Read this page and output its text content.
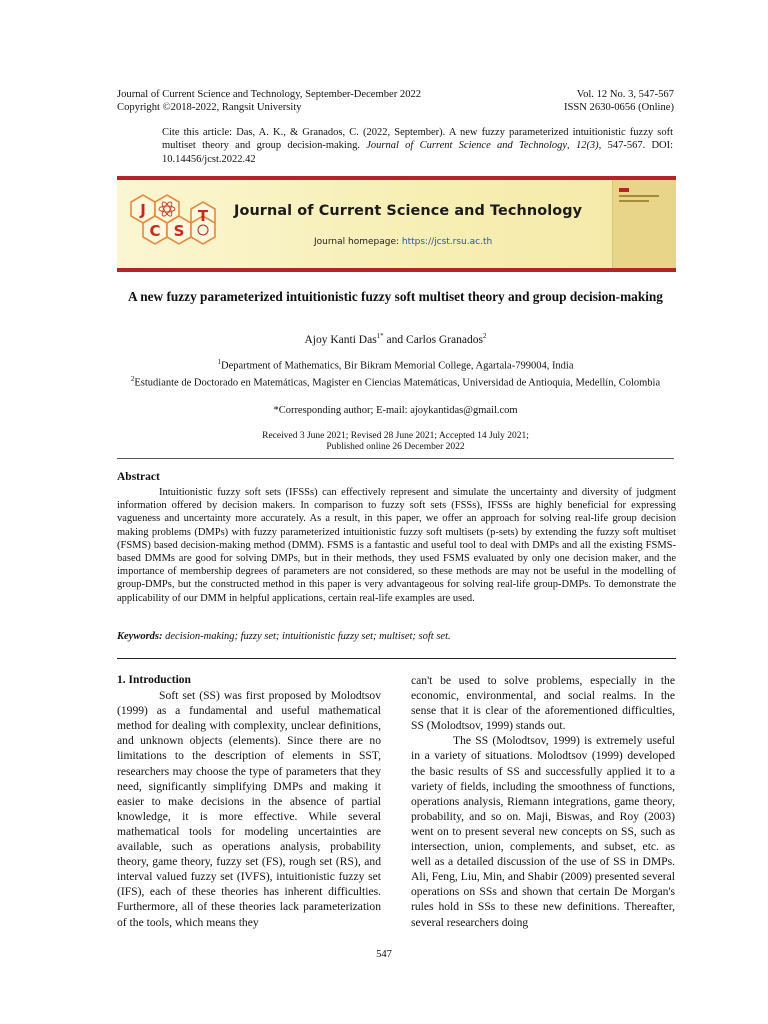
Journal of Current Science and Technology, September-December 2022	Vol. 12 No. 3, 547-567
Copyright ©2018-2022, Rangsit University	ISSN 2630-0656 (Online)
Cite this article: Das, A. K., & Granados, C. (2022, September). A new fuzzy parameterized intuitionistic fuzzy soft multiset theory and group decision-making. Journal of Current Science and Technology, 12(3), 547-567. DOI: 10.14456/jcst.2022.42
J
C S
T Journal of Current Science and Technology
Journal homepage: https://jcst.rsu.ac.th
A new fuzzy parameterized intuitionistic fuzzy soft multiset theory and group decision-making
Ajoy Kanti Das$^{1*}$ and Carlos Granados$^2$
$^1$Department of Mathematics, Bir Bikram Memorial College, Agartala-799004, India
$^2$Estudiante de Doctorado en Matemáticas, Magister en Ciencias Matemáticas, Universidad de Antioquia, Medellín, Colombia
*Corresponding author; E-mail: ajoykantidas@gmail.com
Received 3 June 2021; Revised 28 June 2021; Accepted 14 July 2021;
Published online 26 December 2022
Abstract

Intuitionistic fuzzy soft sets (IFSSs) can effectively represent and simulate the uncertainty and diversity of judgment information offered by decision makers. In comparison to fuzzy soft sets (FSSs), IFSSs are highly beneficial for expressing vagueness and uncertainty more accurately. As a result, in this paper, we offer an approach for solving real-life group decision making problems (DMPs) with fuzzy parameterized intuitionistic fuzzy soft multisets (p-sets) by extending the fuzzy soft multiset (FSMS) based decision-making method (DMM). FSMS is a fantastic and useful tool to deal with DMPs and all the existing FSMS-based DMMs are good for solving DMPs, but in their methods, they used FSMS evaluated by only one decision maker, and the importance of membership degrees of parameters are not considered, so these methods are may not be useful in the modelling of group-DMPs, but the constructed method in this paper is very advantageous for solving real-life group-DMPs. To demonstrate the applicability of our DMM in helpful applications, certain real-life examples are used.

Keywords: decision-making; fuzzy set; intuitionistic fuzzy set; multiset; soft set.
1. Introduction

Soft set (SS) was first proposed by Molodtsov (1999) as a fundamental and useful mathematical method for dealing with complexity, unclear definitions, and unknown objects (elements). Since there are no limitations to the description of elements in SST, researchers may choose the type of parameters that they need, significantly simplifying DMPs and making it easier to make decisions in the absence of partial knowledge, it is more effective. While several mathematical tools for modeling uncertainties are available, such as operations analysis, probability theory, game theory, fuzzy set (FS), rough set (RS), and interval valued fuzzy set (IVFS), intuitionistic fuzzy set (IFS), each of these theories has inherent difficulties. Furthermore, all of these theories lack parameterization of the tools, which means they

can't be used to solve problems, especially in the economic, environmental, and social realms. In the sense that it is clear of the aforementioned difficulties, SS (Molodtsov, 1999) stands out.

The SS (Molodtsov, 1999) is extremely useful in a variety of situations. Molodtsov (1999) developed the basic results of SS and successfully applied it to a variety of fields, including the smoothness of functions, operations analysis, Riemann integrations, game theory, probability, and so on. Maji, Biswas, and Roy (2003) went on to present several new concepts on SS, such as intersection, union, complements, and subset, etc. as well as a detailed discussion of the use of SS in DMPs. Ali, Feng, Liu, Min, and Shabir (2009) presented several operations on SSs and shown that certain De Morgan's rules hold in SSs to these new definitions. Thereafter, several researchers doing

547
